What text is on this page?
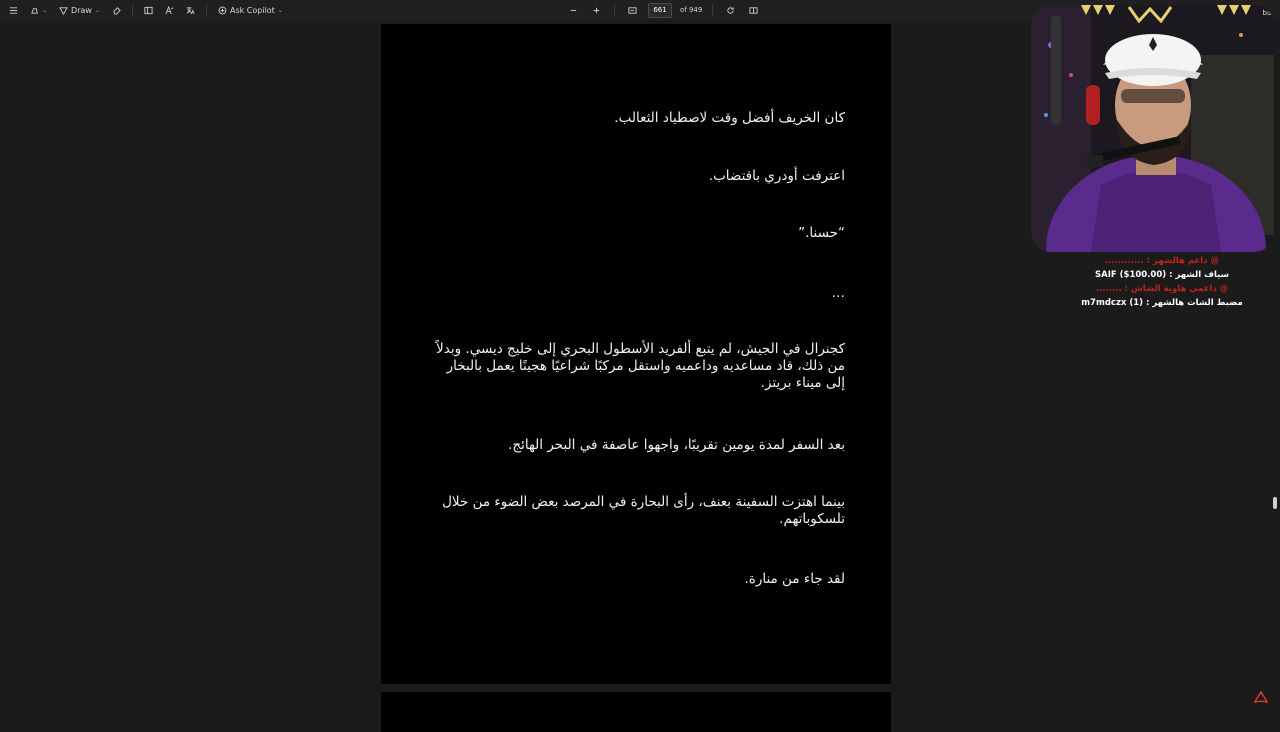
⌄	Draw ⌄	Ask Copilot ⌄	661	of 949
كان الخريف أفضل وقت لاصطياد الثعالب.
اعترفت أودري باقتضاب.
“حسنا.”
…
كجنرال في الجيش، لم يتبع ألفريد الأسطول البحري إلى خليج ديسي. وبدلاً من ذلك، قاد مساعديه وداعميه واستقل مركبًا شراعيًا هجينًا يعمل بالبخار إلى ميناء بريتز.
بعد السفر لمدة يومين تقريبًا، واجهوا عاصفة في البحر الهائج.
بينما اهتزت السفينة بعنف، رأى البحارة في المرصد بعض الضوء من خلال تلسكوباتهم.
لقد جاء من منارة.
bat
@ داعم هالشهر : ............
سياف الشهر : SAIF ($100.00)
@ داعمي هاوية الشاش : ........
مضبط الشات هالشهر : (1) m7mdczx
